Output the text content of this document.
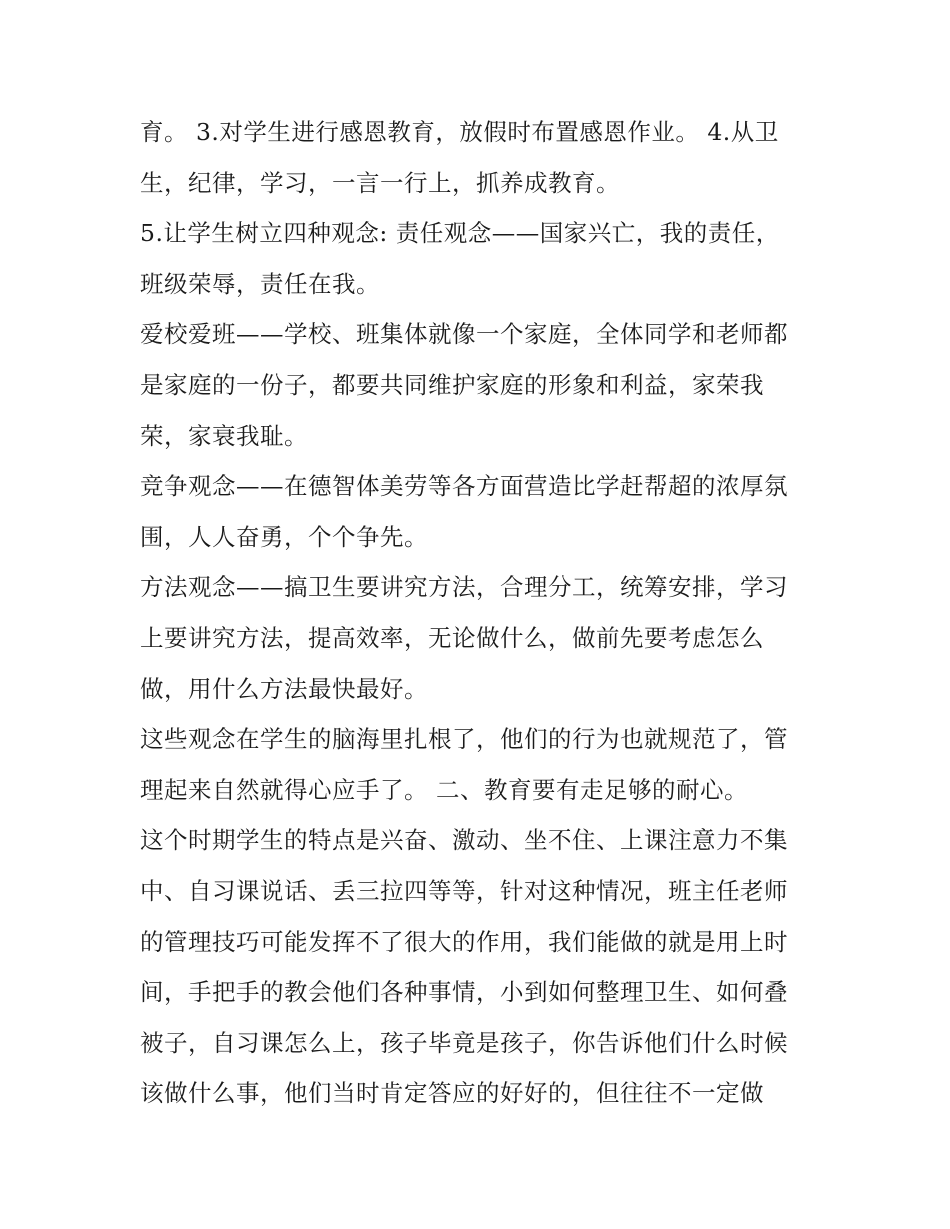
育。 3.对学生进行感恩教育，放假时布置感恩作业。 4.从卫
生，纪律，学习，一言一行上，抓养成教育。
5.让学生树立四种观念: 责任观念——国家兴亡，我的责任，
班级荣辱，责任在我。
爱校爱班——学校、班集体就像一个家庭，全体同学和老师都
是家庭的一份子，都要共同维护家庭的形象和利益，家荣我
荣，家衰我耻。
竞争观念——在德智体美劳等各方面营造比学赶帮超的浓厚氛
围，人人奋勇，个个争先。
方法观念——搞卫生要讲究方法，合理分工，统筹安排，学习
上要讲究方法，提高效率，无论做什么，做前先要考虑怎么
做，用什么方法最快最好。
这些观念在学生的脑海里扎根了，他们的行为也就规范了，管
理起来自然就得心应手了。 二、教育要有走足够的耐心。
这个时期学生的特点是兴奋、激动、坐不住、上课注意力不集
中、自习课说话、丢三拉四等等，针对这种情况，班主任老师
的管理技巧可能发挥不了很大的作用，我们能做的就是用上时
间，手把手的教会他们各种事情，小到如何整理卫生、如何叠
被子，自习课怎么上，孩子毕竟是孩子，你告诉他们什么时候
该做什么事，他们当时肯定答应的好好的，但往往不一定做
